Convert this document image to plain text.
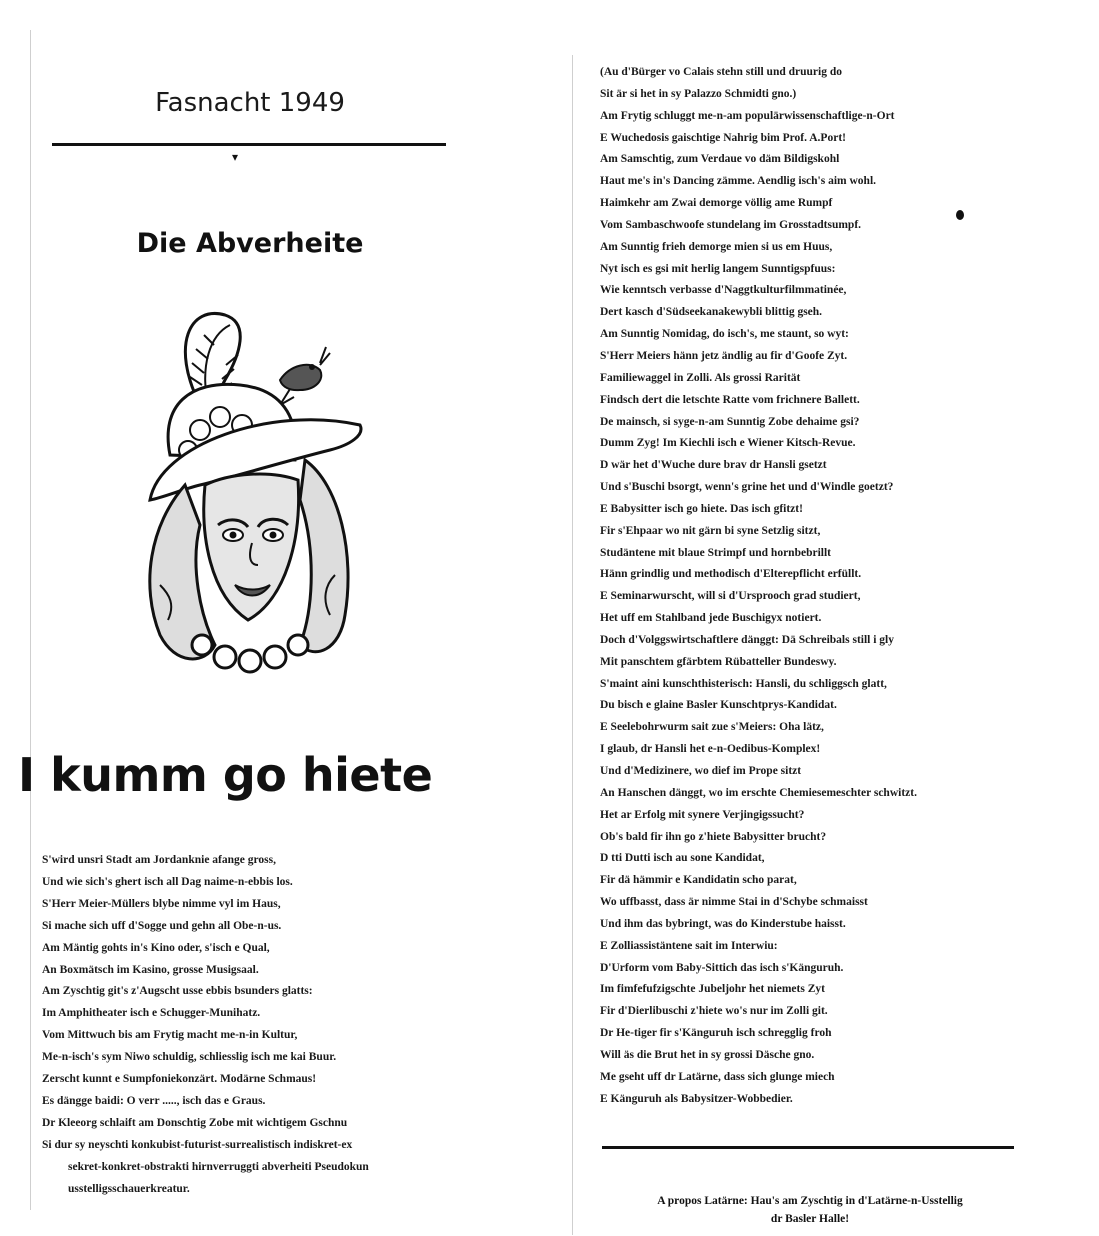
Fasnacht 1949
▾
Die Abverheite
I kumm go hiete
S'wird unsri Stadt am Jordanknie afange gross,
Und wie sich's ghert isch all Dag naime-n-ebbis los.
S'Herr Meier-Müllers blybe nimme vyl im Haus,
Si mache sich uff d'Sogge und gehn all Obe-n-us.
Am Mäntig gohts in's Kino oder, s'isch e Qual,
An Boxmätsch im Kasino, grosse Musigsaal.
Am Zyschtig git's z'Augscht usse ebbis bsunders glatts:
Im Amphitheater isch e Schugger-Munihatz.
Vom Mittwuch bis am Frytig macht me-n-in Kultur,
Me-n-isch's sym Niwo schuldig, schliesslig isch me kai Buur.
Zerscht kunnt e Sumpfoniekonzärt. Modärne Schmaus!
Es dängge baidi: O verr ....., isch das e Graus.
Dr Kleeorg schlaift am Donschtig Zobe mit wichtigem Gschnu
Si dur sy neyschti konkubist-futurist-surrealistisch indiskret-ex
sekret-konkret-obstrakti hirnverruggti abverheiti Pseudokun
usstelligsschauerkreatur.
(Au d'Bürger vo Calais stehn still und druurig do
Sit är si het in sy Palazzo Schmidti gno.)
Am Frytig schluggt me-n-am populärwissenschaftlige-n-Ort
E Wuchedosis gaischtige Nahrig bim Prof. A.Port!
Am Samschtig, zum Verdaue vo däm Bildigskohl
Haut me's in's Dancing zämme. Aendlig isch's aim wohl.
Haimkehr am Zwai demorge völlig ame Rumpf
Vom Sambaschwoofe stundelang im Grosstadtsumpf.
Am Sunntig frieh demorge mien si us em Huus,
Nyt isch es gsi mit herlig langem Sunntigspfuus:
Wie kenntsch verbasse d'Naggtkulturfilmmatinée,
Dert kasch d'Südseekanakewybli blittig gseh.
Am Sunntig Nomidag, do isch's, me staunt, so wyt:
S'Herr Meiers hänn jetz ändlig au fir d'Goofe Zyt.
Familiewaggel in Zolli. Als grossi Rarität
Findsch dert die letschte Ratte vom frichnere Ballett.
De mainsch, si syge-n-am Sunntig Zobe dehaime gsi?
Dumm Zyg! Im Kiechli isch e Wiener Kitsch-Revue.
D wär het d'Wuche dure brav dr Hansli gsetzt
Und s'Buschi bsorgt, wenn's grine het und d'Windle goetzt?
E Babysitter isch go hiete. Das isch gfitzt!
Fir s'Ehpaar wo nit gärn bi syne Setzlig sitzt,
Studäntene mit blaue Strimpf und hornbebrillt
Hänn grindlig und methodisch d'Elterepflicht erfüllt.
E Seminarwurscht, will si d'Ursprooch grad studiert,
Het uff em Stahlband jede Buschigyx notiert.
Doch d'Volggswirtschaftlere dänggt: Dä Schreibals still i gly
Mit panschtem gfärbtem Rübatteller Bundeswy.
S'maint aini kunschthisterisch: Hansli, du schliggsch glatt,
Du bisch e glaine Basler Kunschtprys-Kandidat.
E Seelebohrwurm sait zue s'Meiers: Oha lätz,
I glaub, dr Hansli het e-n-Oedibus-Komplex!
Und d'Medizinere, wo dief im Prope sitzt
An Hanschen dänggt, wo im erschte Chemiesemeschter schwitzt.
Het ar Erfolg mit synere Verjingigssucht?
Ob's bald fir ihn go z'hiete Babysitter brucht?
D tti Dutti isch au sone Kandidat,
Fir dä hämmir e Kandidatin scho parat,
Wo uffbasst, dass är nimme Stai in d'Schybe schmaisst
Und ihm das bybringt, was do Kinderstube haisst.
E Zolliassistäntene sait im Interwiu:
D'Urform vom Baby-Sittich das isch s'Känguruh.
Im fimfefufzigschte Jubeljohr het niemets Zyt
Fir d'Dierlibuschi z'hiete wo's nur im Zolli git.
Dr He-tiger fir s'Känguruh isch schregglig froh
Will äs die Brut het in sy grossi Däsche gno.
Me gseht uff dr Latärne, dass sich glunge miech
E Känguruh als Babysitzer-Wobbedier.
A propos Latärne: Hau's am Zyschtig in d'Latärne-n-Usstellig
dr Basler Halle!
